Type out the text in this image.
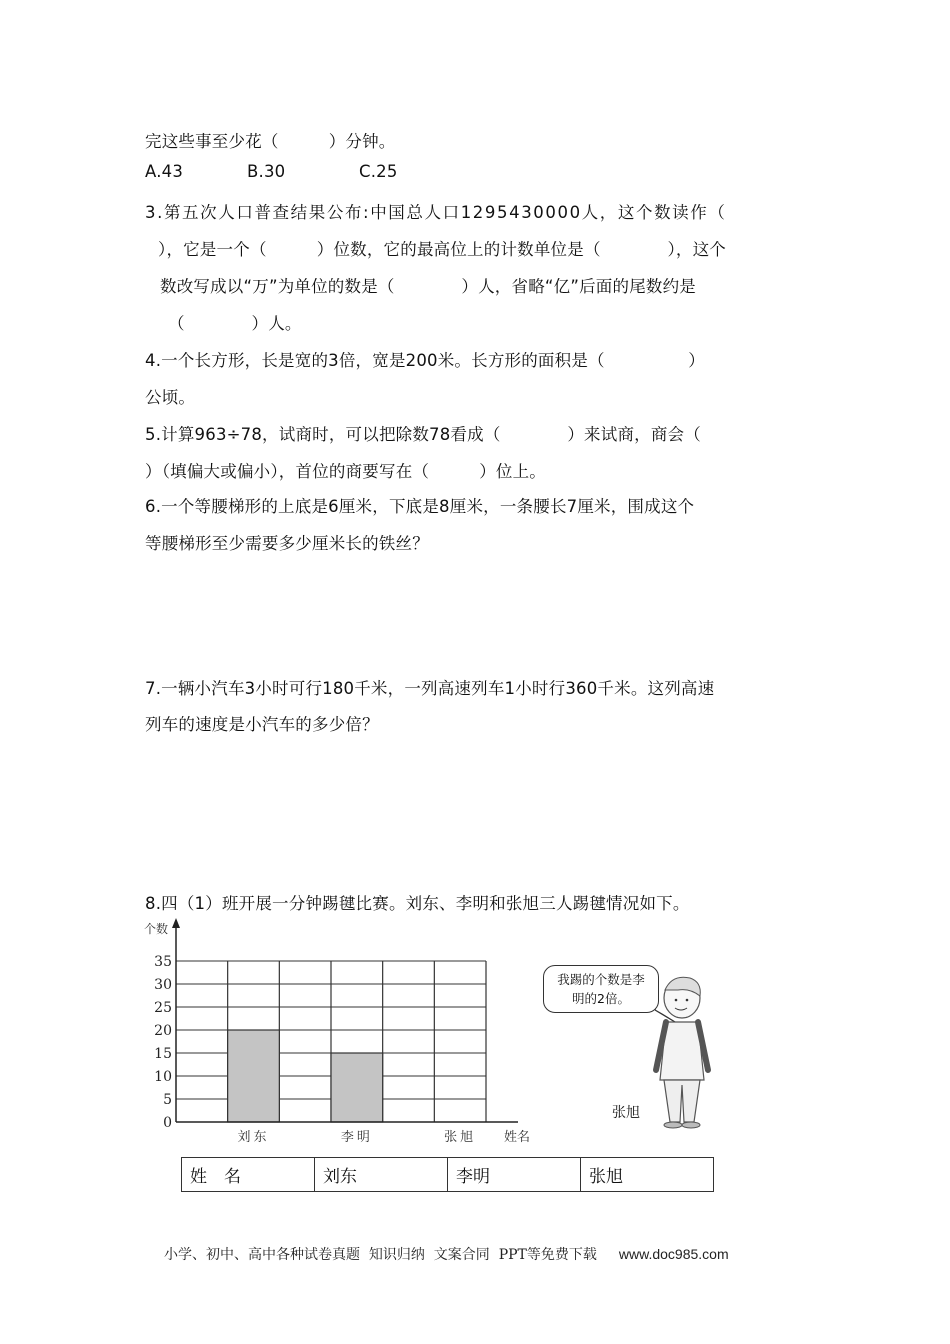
完这些事至少花（　　　）分钟。
A.43	B.30	C.25
3.第五次人口普查结果公布:中国总人口1295430000人，这个数读作（
），它是一个（　　　）位数，它的最高位上的计数单位是（　　　　），这个
数改写成以“万”为单位的数是（　　　　）人，省略“亿”后面的尾数约是
（　　　　）人。
4.一个长方形，长是宽的3倍，宽是200米。长方形的面积是（　　　　　）
公顷。
5.计算963÷78，试商时，可以把除数78看成（　　　　）来试商，商会（
）（填偏大或偏小），首位的商要写在（　　　）位上。
6.一个等腰梯形的上底是6厘米，下底是8厘米，一条腰长7厘米，围成这个
等腰梯形至少需要多少厘米长的铁丝？
7.一辆小汽车3小时可行180千米，一列高速列车1小时行360千米。这列高速
列车的速度是小汽车的多少倍？
8.四（1）班开展一分钟踢毽比赛。刘东、李明和张旭三人踢毽情况如下。
0
5
10
15
20
25
30
35
刘东	李明	张旭
个数
姓名
我踢的个数是李
明的2倍。
张旭
姓　名	刘东	李明	张旭
小学、初中、高中各种试卷真题  知识归纳  文案合同  PPT等免费下载 www.doc985.com
